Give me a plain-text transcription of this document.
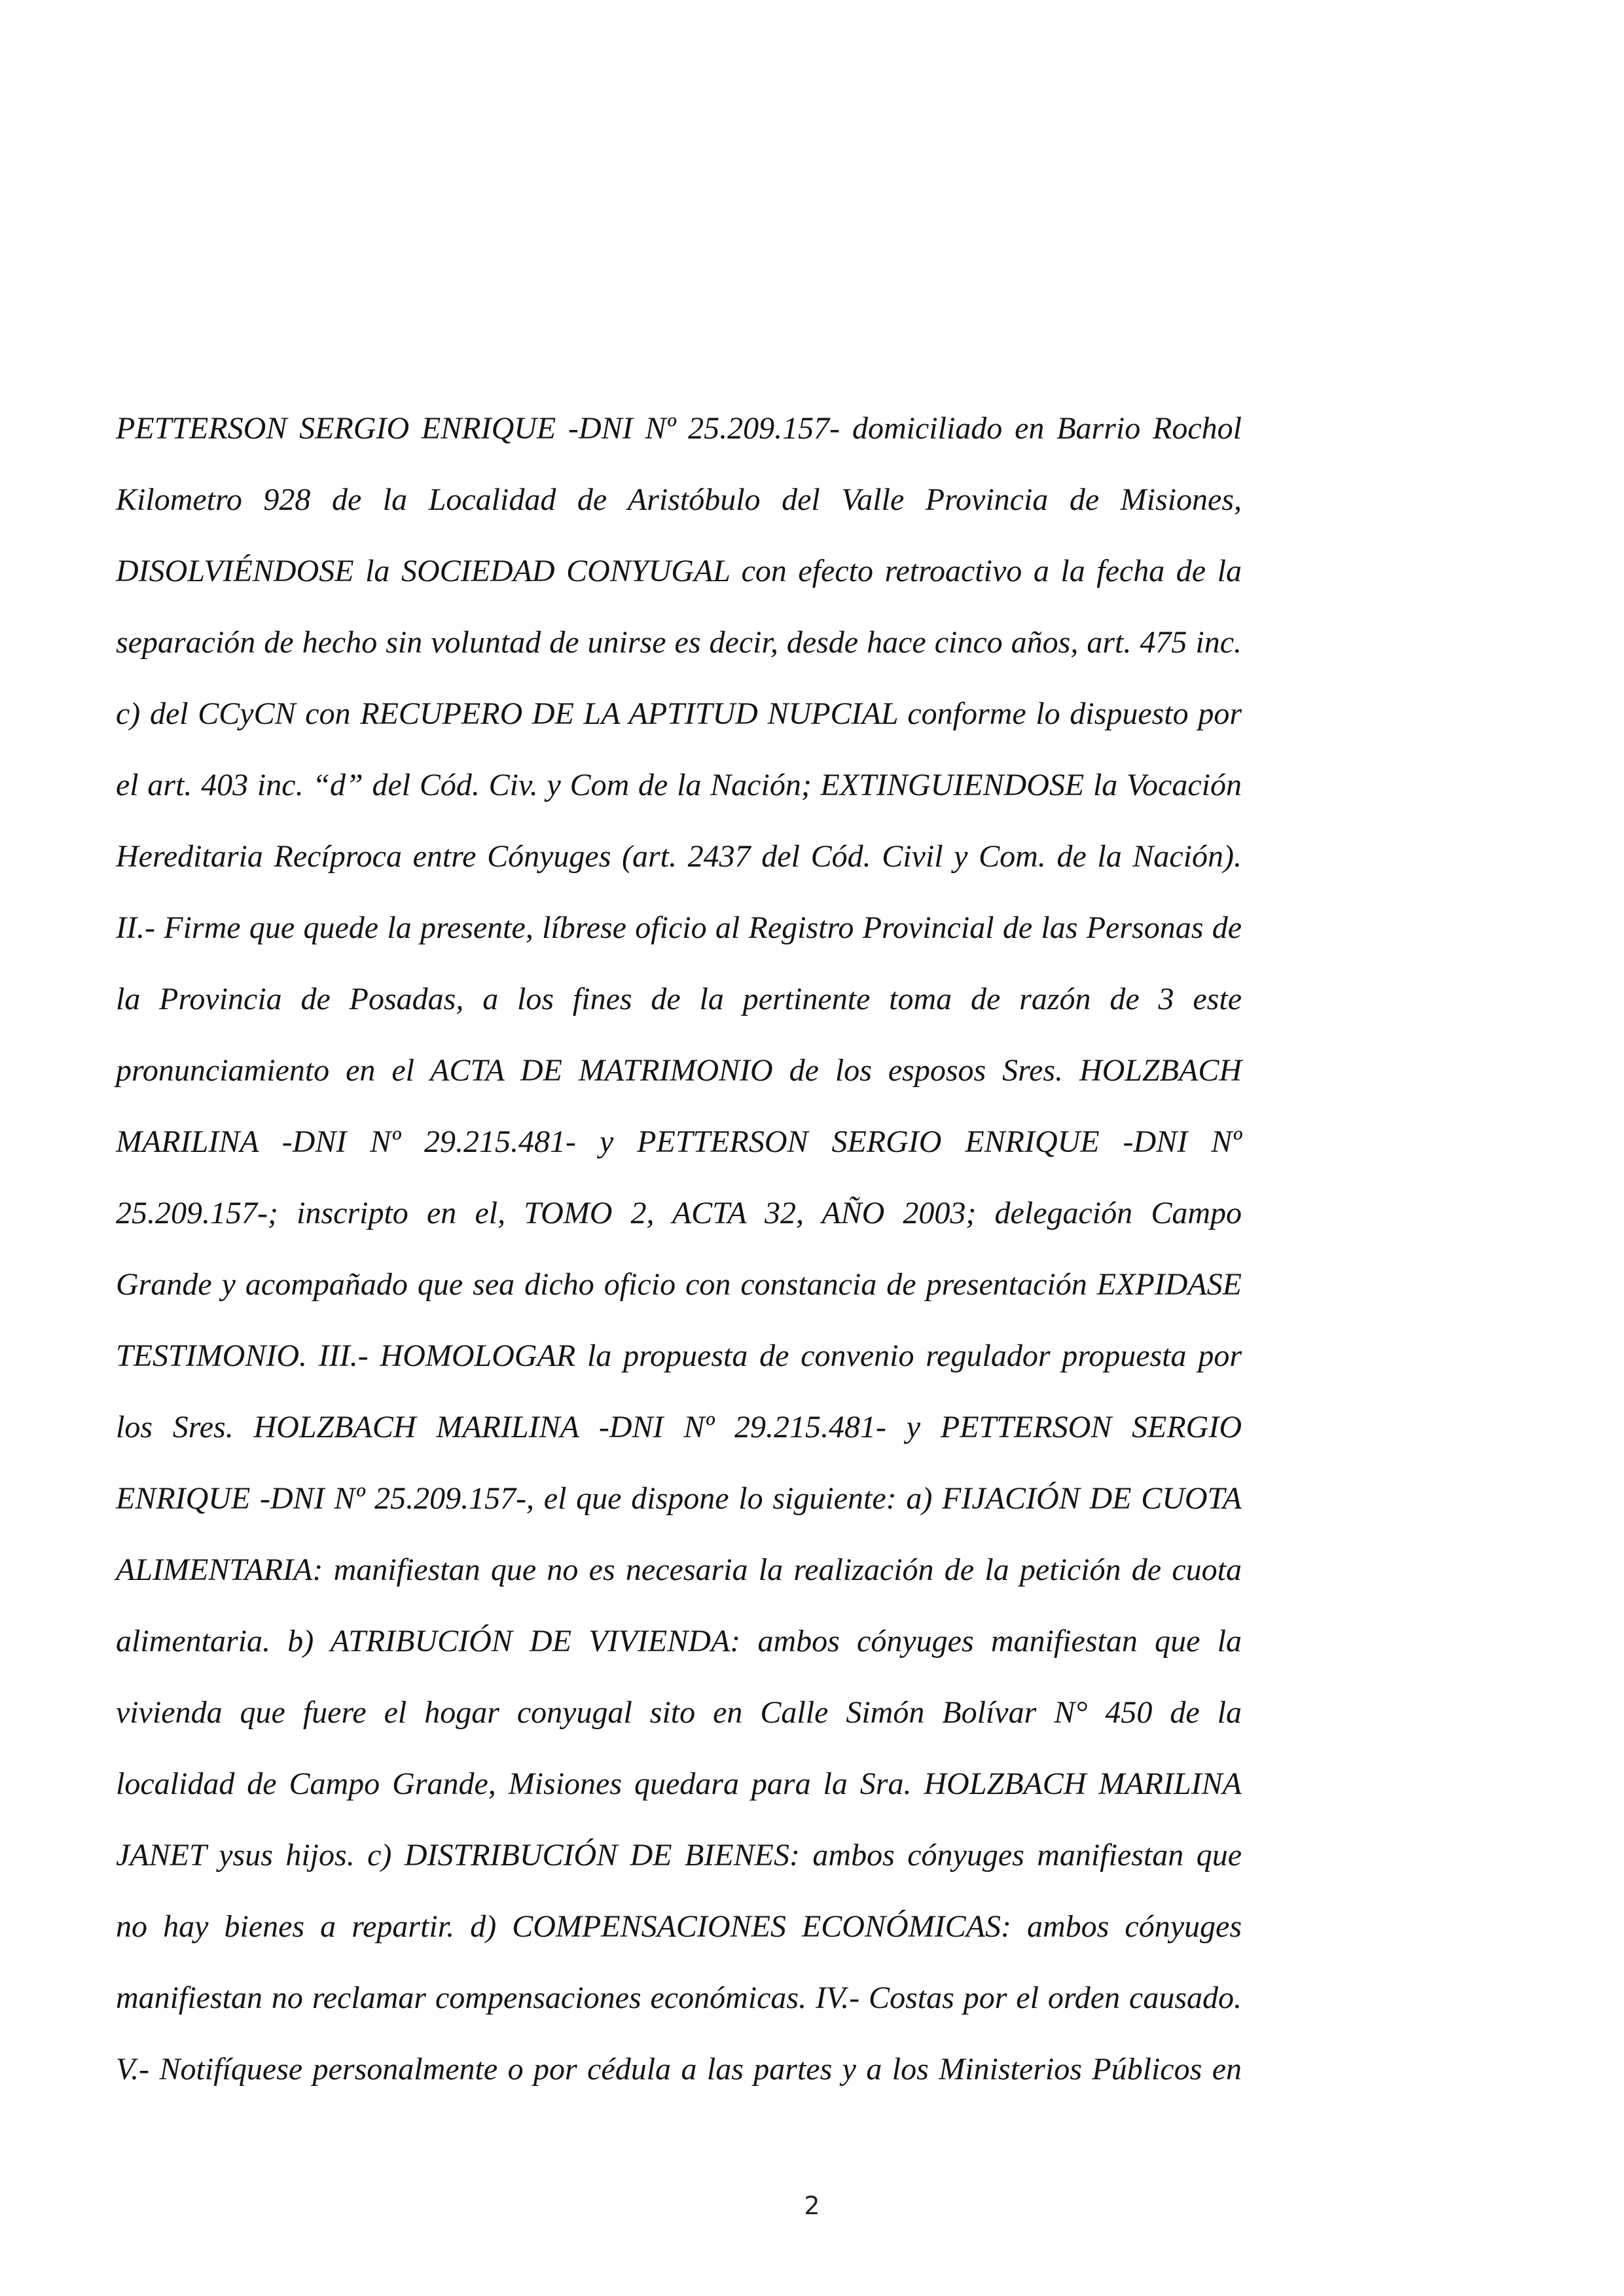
PETTERSON SERGIO ENRIQUE -DNI Nº 25.209.157- domiciliado en Barrio Rochol
Kilometro 928 de la Localidad de Aristóbulo del Valle Provincia de Misiones,
DISOLVIÉNDOSE la SOCIEDAD CONYUGAL con efecto retroactivo a la fecha de la
separación de hecho sin voluntad de unirse es decir, desde hace cinco años, art. 475 inc.
c) del CCyCN con RECUPERO DE LA APTITUD NUPCIAL conforme lo dispuesto por
el art. 403 inc. “d” del Cód. Civ. y Com de la Nación; EXTINGUIENDOSE la Vocación
Hereditaria Recíproca entre Cónyuges (art. 2437 del Cód. Civil y Com. de la Nación).
II.- Firme que quede la presente, líbrese oficio al Registro Provincial de las Personas de
la Provincia de Posadas, a los fines de la pertinente toma de razón de 3 este
pronunciamiento en el ACTA DE MATRIMONIO de los esposos Sres. HOLZBACH
MARILINA -DNI Nº 29.215.481- y PETTERSON SERGIO ENRIQUE -DNI Nº
25.209.157-; inscripto en el, TOMO 2, ACTA 32, AÑO 2003; delegación Campo
Grande y acompañado que sea dicho oficio con constancia de presentación EXPIDASE
TESTIMONIO. III.- HOMOLOGAR la propuesta de convenio regulador propuesta por
los Sres. HOLZBACH MARILINA -DNI Nº 29.215.481- y PETTERSON SERGIO
ENRIQUE -DNI Nº 25.209.157-, el que dispone lo siguiente: a) FIJACIÓN DE CUOTA
ALIMENTARIA: manifiestan que no es necesaria la realización de la petición de cuota
alimentaria. b) ATRIBUCIÓN DE VIVIENDA: ambos cónyuges manifiestan que la
vivienda que fuere el hogar conyugal sito en Calle Simón Bolívar N° 450 de la
localidad de Campo Grande, Misiones quedara para la Sra. HOLZBACH MARILINA
JANET ysus hijos. c) DISTRIBUCIÓN DE BIENES: ambos cónyuges manifiestan que
no hay bienes a repartir. d) COMPENSACIONES ECONÓMICAS: ambos cónyuges
manifiestan no reclamar compensaciones económicas. IV.- Costas por el orden causado.
V.- Notifíquese personalmente o por cédula a las partes y a los Ministerios Públicos en
2
